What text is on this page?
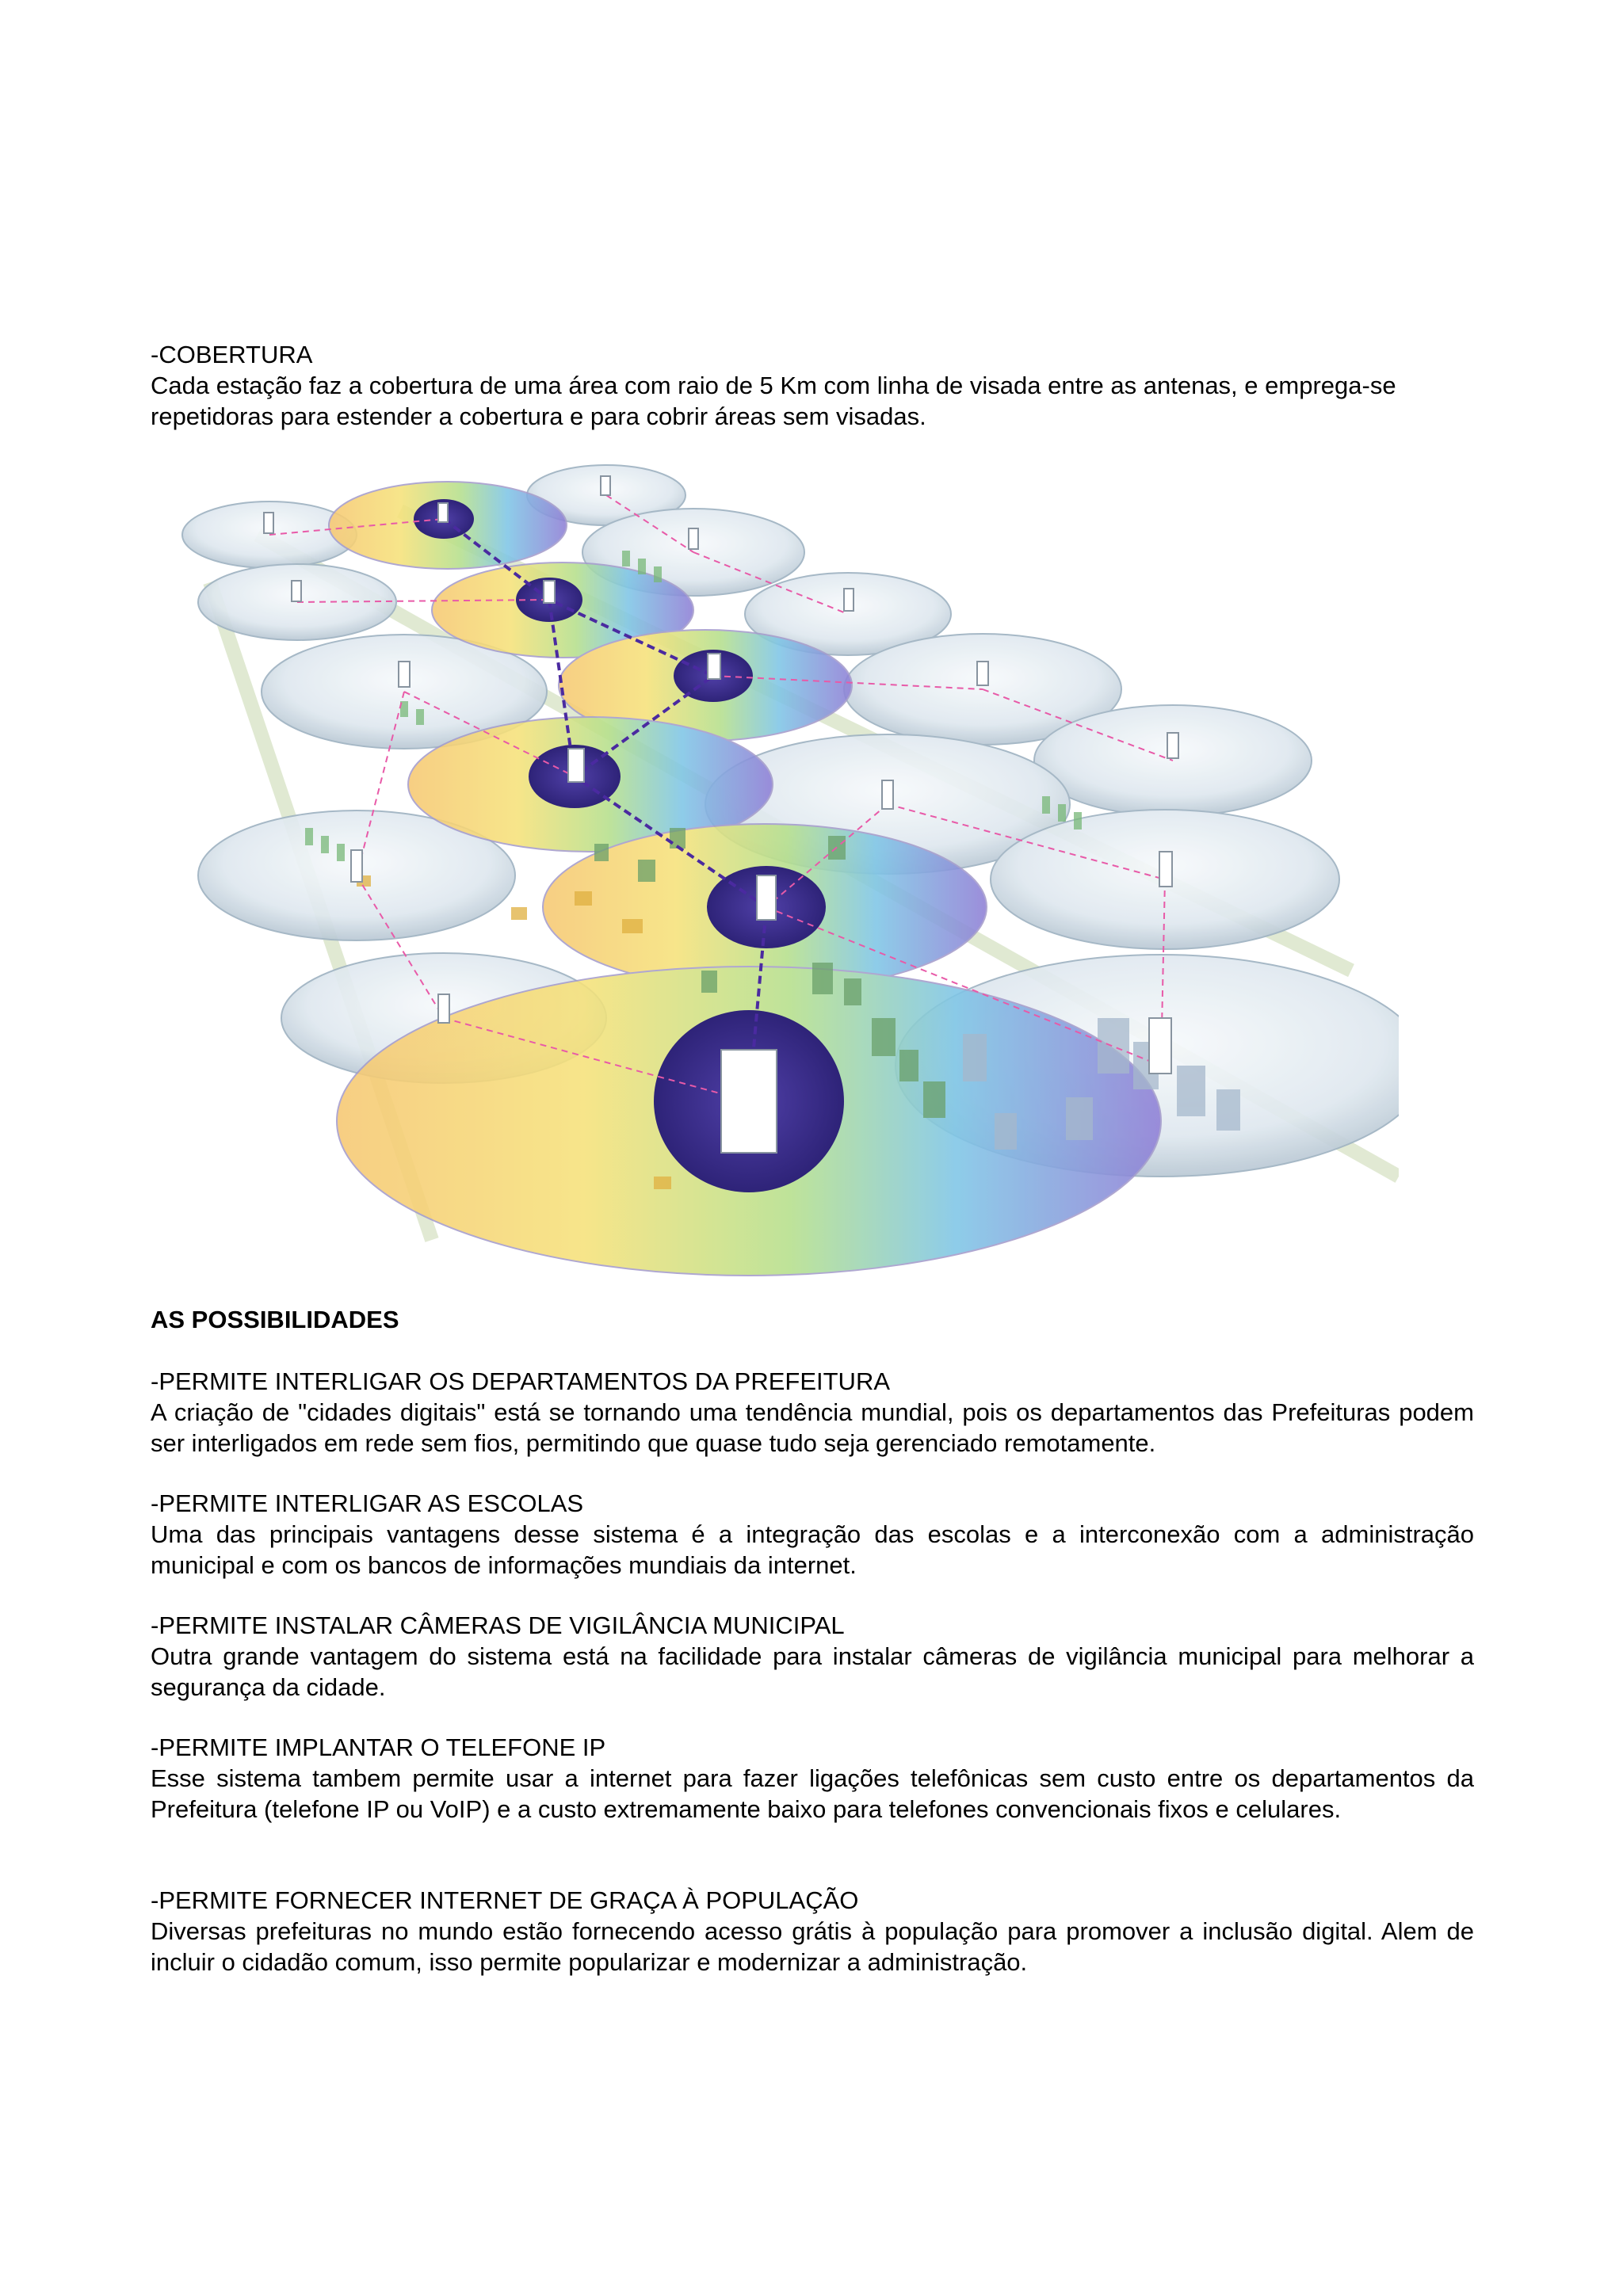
-COBERTURA

Cada estação faz a cobertura de uma área com raio de 5 Km com linha de visada entre as antenas, e emprega-se repetidoras para estender a cobertura e para cobrir áreas sem visadas.

AS POSSIBILIDADES

-PERMITE INTERLIGAR OS DEPARTAMENTOS DA PREFEITURA

A criação de "cidades digitais" está se tornando uma tendência mundial, pois os departamentos das Prefeituras podem ser interligados em rede sem fios, permitindo que quase tudo seja gerenciado remotamente.

-PERMITE INTERLIGAR AS ESCOLAS

Uma das principais vantagens desse sistema é a integração das escolas e a interconexão com a administração municipal e com os bancos de informações mundiais da internet.

-PERMITE INSTALAR CÂMERAS DE VIGILÂNCIA MUNICIPAL

Outra grande vantagem do sistema está na facilidade para instalar câmeras de vigilância municipal para melhorar a segurança da cidade.

-PERMITE IMPLANTAR O TELEFONE IP

Esse sistema tambem permite usar a internet para fazer ligações telefônicas sem custo entre os departamentos da Prefeitura (telefone IP ou VoIP) e a custo extremamente baixo para telefones convencionais fixos e celulares.

-PERMITE FORNECER INTERNET DE GRAÇA À POPULAÇÃO

Diversas prefeituras no mundo estão fornecendo acesso grátis à população para promover a inclusão digital. Alem de incluir o cidadão comum, isso permite popularizar e modernizar a administração.
